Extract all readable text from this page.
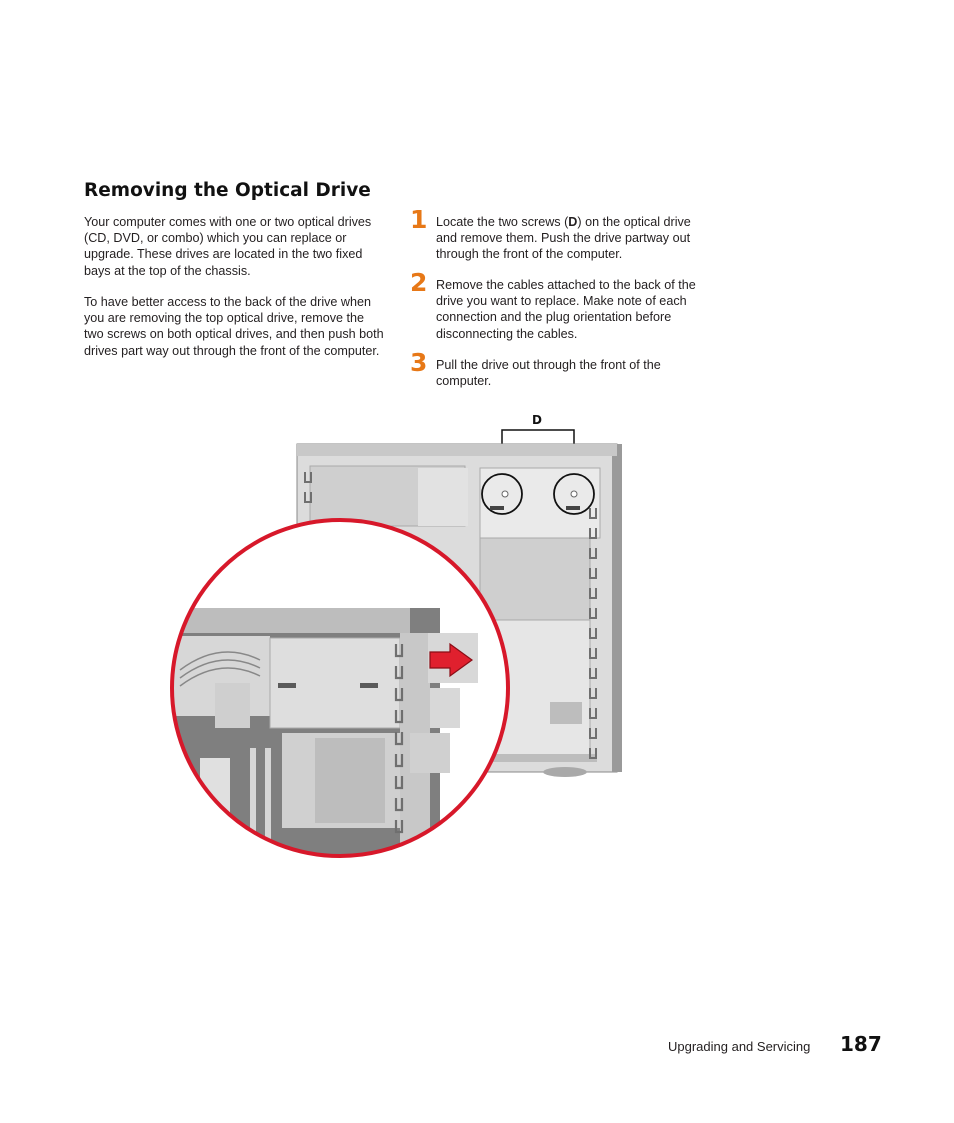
Removing the Optical Drive

Your computer comes with one or two optical drives (CD, DVD, or combo) which you can replace or upgrade. These drives are located in the two fixed bays at the top of the chassis.

To have better access to the back of the drive when you are removing the top optical drive, remove the two screws on both optical drives, and then push both drives part way out through the front of the computer.

1 Locate the two screws (D) on the optical drive and remove them. Push the drive partway out through the front of the computer.

2 Remove the cables attached to the back of the drive you want to replace. Make note of each connection and the plug orientation before disconnecting the cables.

3 Pull the drive out through the front of the computer.

D

Upgrading and Servicing 187
